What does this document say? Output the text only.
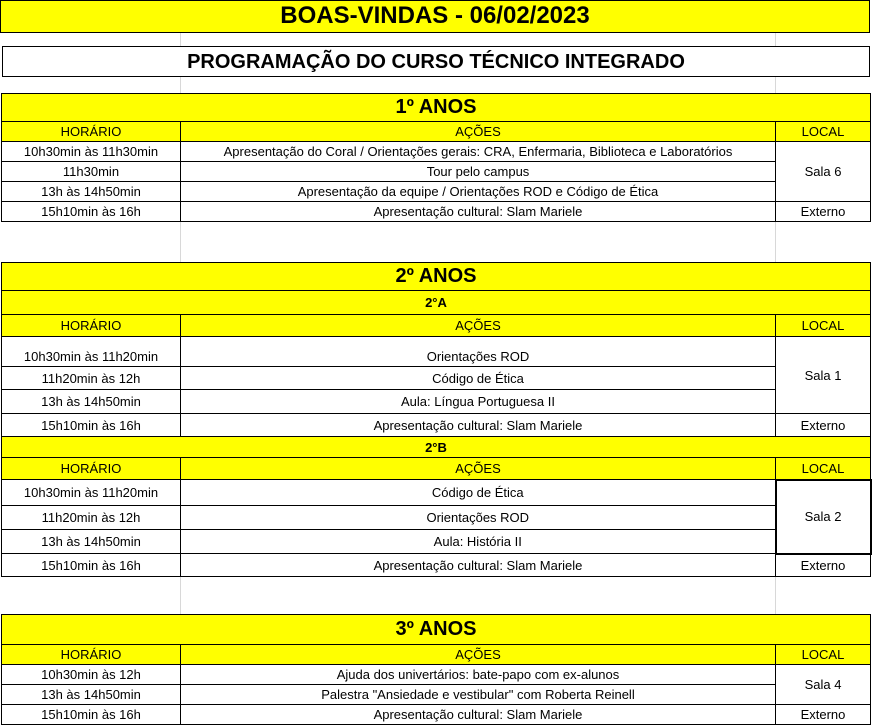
BOAS-VINDAS - 06/02/2023
PROGRAMAÇÃO DO CURSO TÉCNICO INTEGRADO
1º ANOS		
HORÁRIO	AÇÕES	LOCAL
10h30min às 11h30min	Apresentação do Coral / Orientações gerais: CRA, Enfermaria, Biblioteca e Laboratórios	Sala 6
11h30min	Tour pelo campus	
13h às 14h50min	Apresentação da equipe / Orientações ROD e Código de Ética	
15h10min às 16h	Apresentação cultural: Slam Mariele	Externo
2º ANOS		
2°A		
HORÁRIO	AÇÕES	LOCAL
10h30min às 11h20min	Orientações ROD	Sala 1
11h20min às 12h	Código de Ética	
13h às 14h50min	Aula: Língua Portuguesa II	
15h10min às 16h	Apresentação cultural: Slam Mariele	Externo
2°B		
HORÁRIO	AÇÕES	LOCAL
10h30min às 11h20min	Código de Ética	Sala 2
11h20min às 12h	Orientações ROD	
13h às 14h50min	Aula: História II	
15h10min às 16h	Apresentação cultural: Slam Mariele	Externo
3º ANOS		
HORÁRIO	AÇÕES	LOCAL
10h30min às 12h	Ajuda dos univertários: bate-papo com ex-alunos	Sala 4
13h às 14h50min	Palestra "Ansiedade e vestibular" com Roberta Reinell	
15h10min às 16h	Apresentação cultural: Slam Mariele	Externo
